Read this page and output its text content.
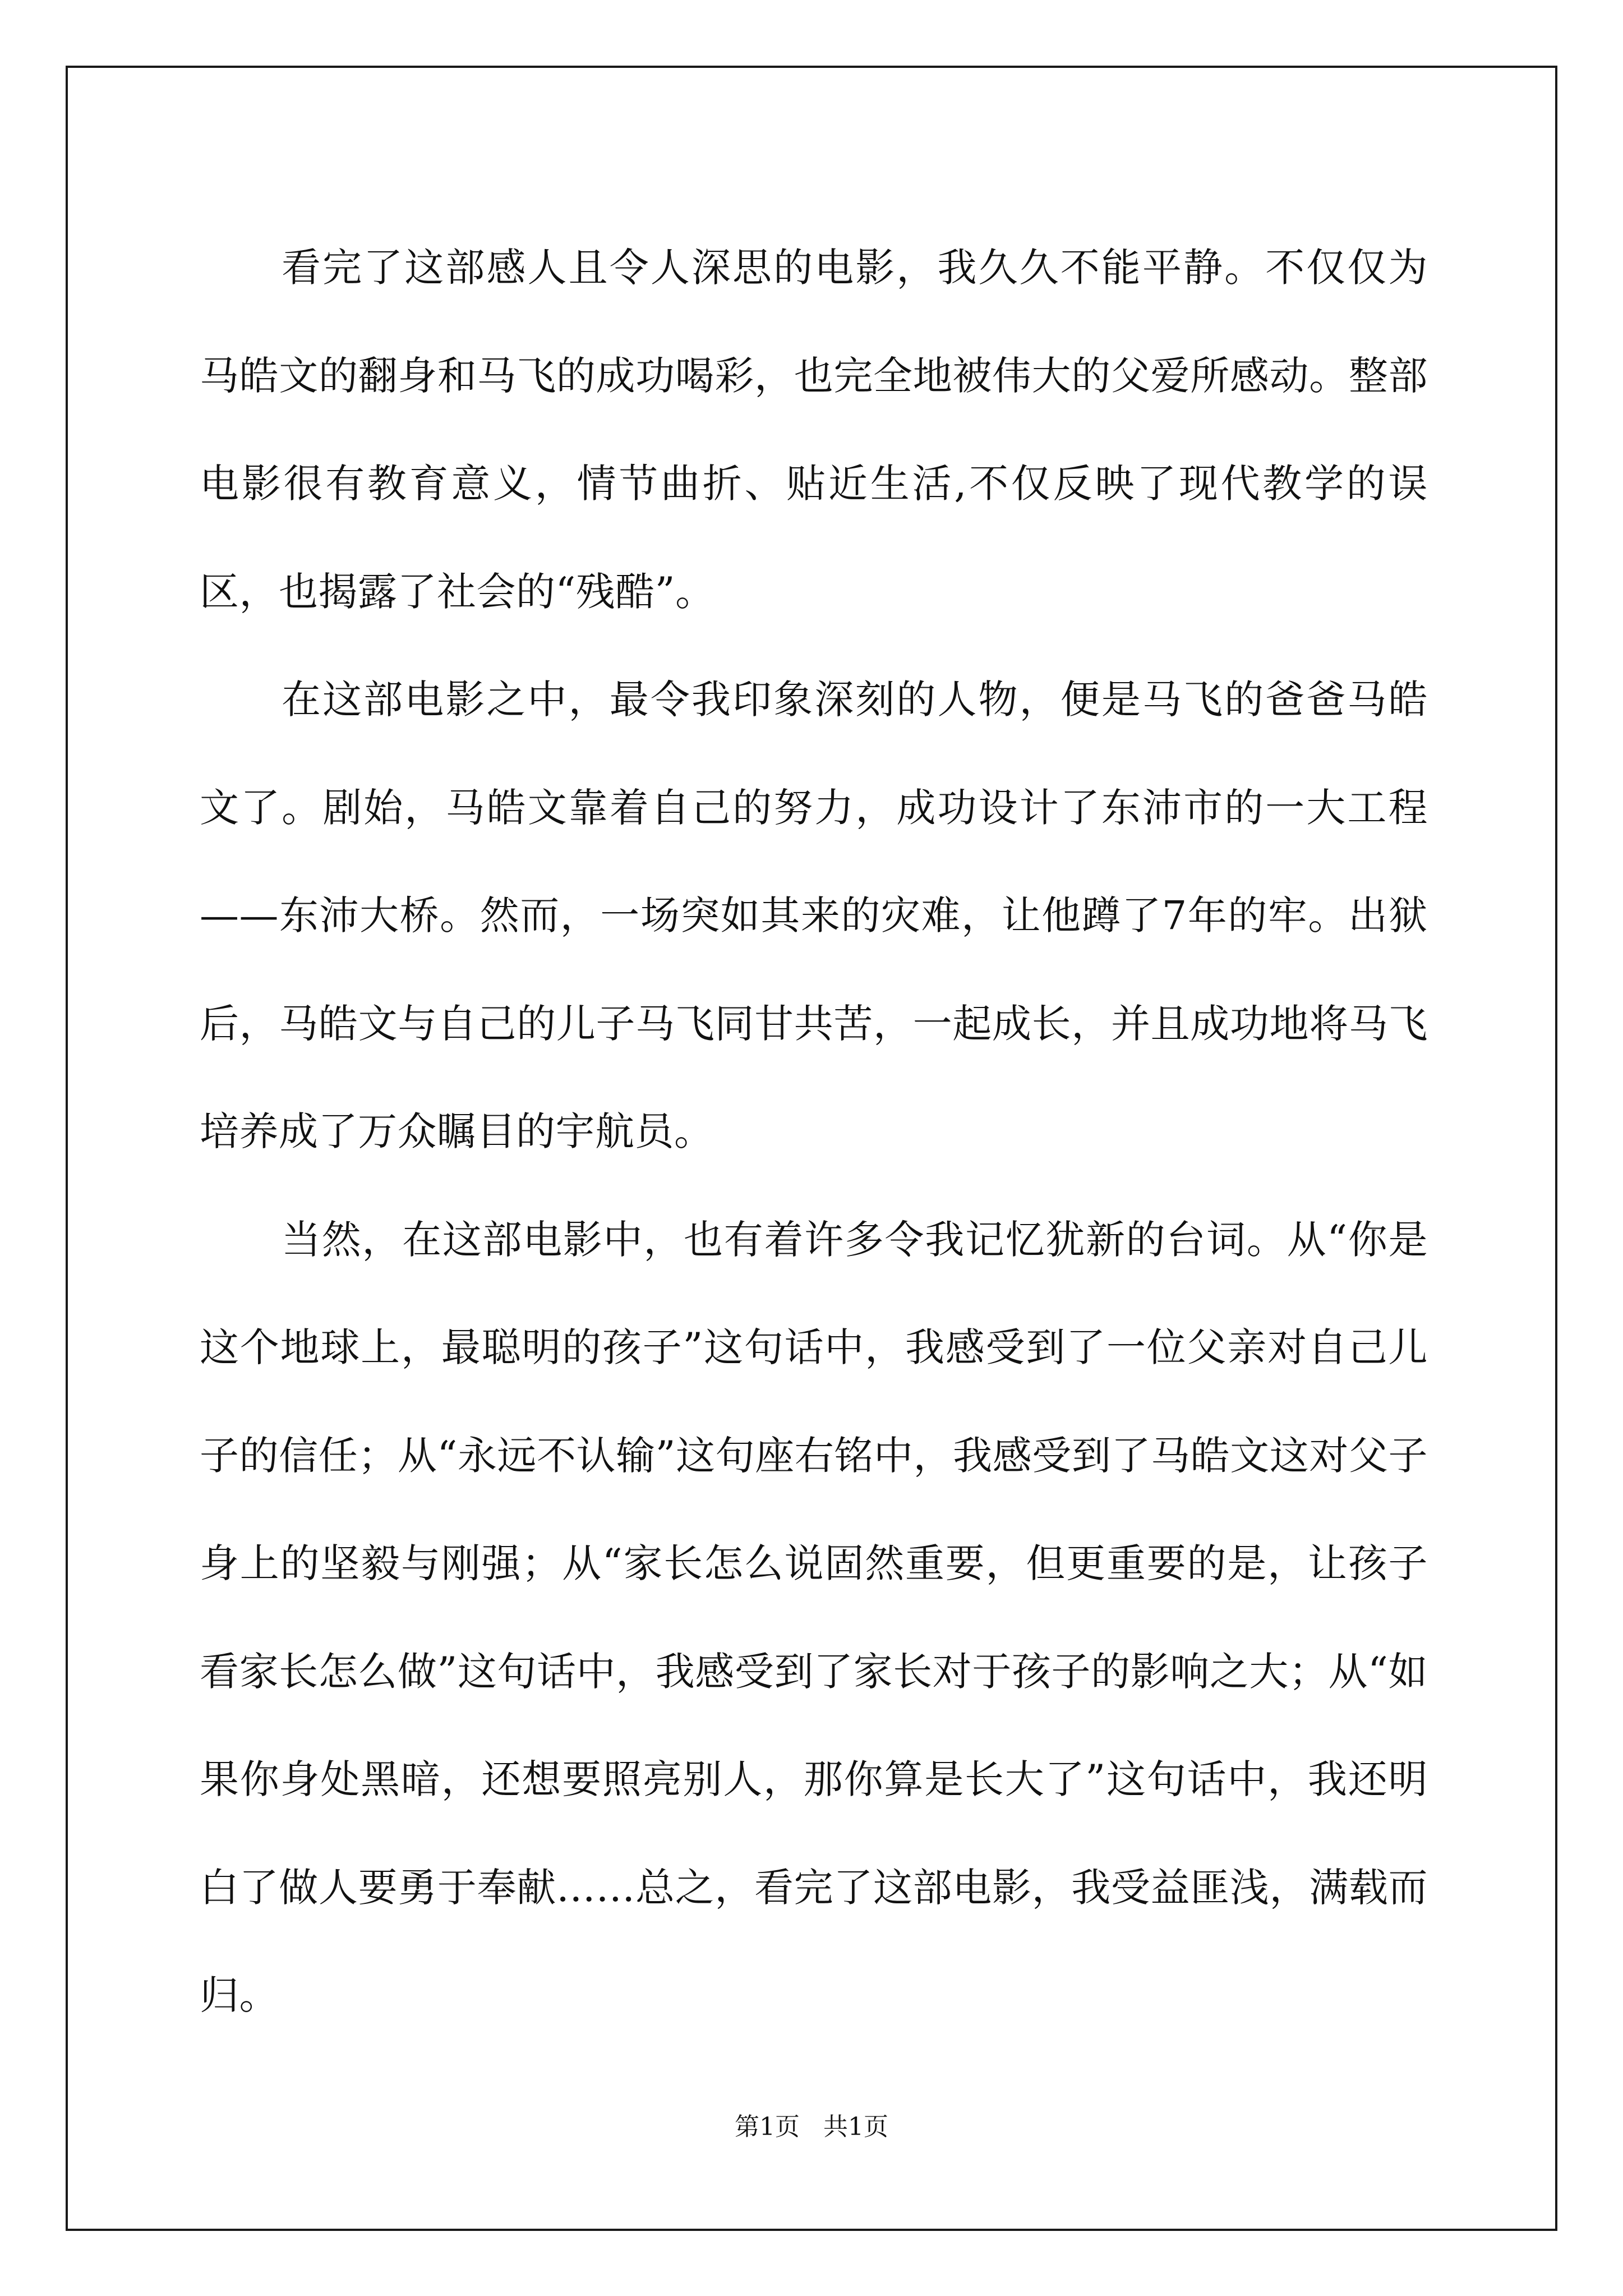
看完了这部感人且令人深思的电影，我久久不能平静。不仅仅为马皓文的翻身和马飞的成功喝彩，也完全地被伟大的父爱所感动。整部电影很有教育意义，情节曲折、贴近生活,不仅反映了现代教学的误区，也揭露了社会的“残酷”。

在这部电影之中，最令我印象深刻的人物，便是马飞的爸爸马皓文了。剧始，马皓文靠着自己的努力，成功设计了东沛市的一大工程——东沛大桥。然而，一场突如其来的灾难，让他蹲了7年的牢。出狱后，马皓文与自己的儿子马飞同甘共苦，一起成长，并且成功地将马飞培养成了万众瞩目的宇航员。

当然，在这部电影中，也有着许多令我记忆犹新的台词。从“你是这个地球上，最聪明的孩子”这句话中，我感受到了一位父亲对自己儿子的信任；从“永远不认输”这句座右铭中，我感受到了马皓文这对父子身上的坚毅与刚强；从“家长怎么说固然重要，但更重要的是，让孩子看家长怎么做”这句话中，我感受到了家长对于孩子的影响之大；从“如果你身处黑暗，还想要照亮别人，那你算是长大了”这句话中，我还明白了做人要勇于奉献……总之，看完了这部电影，我受益匪浅，满载而归。

第1页   共1页
